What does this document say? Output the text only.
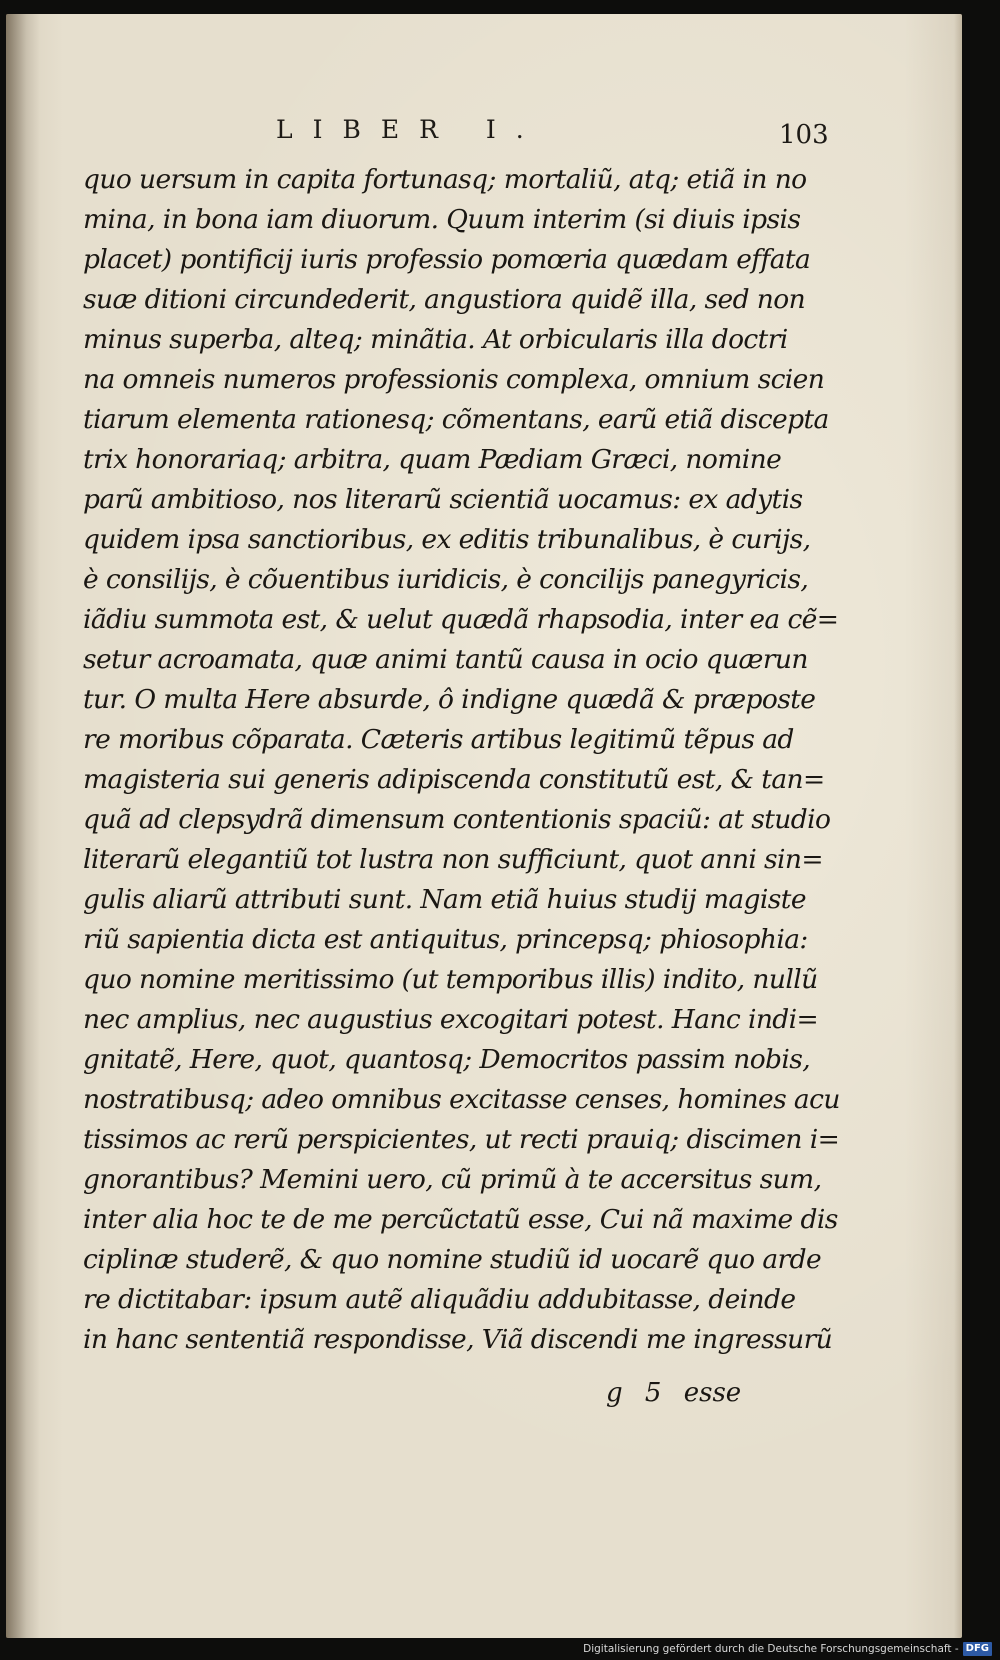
LIBER I.	103
quo uersum in capita fortunasq; mortaliũ, atq; etiã in no
mina, in bona iam diuorum. Quum interim (si diuis ipsis
placet) pontificij iuris professio pomœria quædam effata
suæ ditioni circundederit, angustiora quidẽ illa, sed non
minus superba, alteq; minãtia. At orbicularis illa doctri
na omneis numeros professionis complexa, omnium scien
tiarum elementa rationesq; cõmentans, earũ etiã discepta
trix honorariaq; arbitra, quam Pædiam Græci, nomine
parũ ambitioso, nos literarũ scientiã uocamus: ex adytis
quidem ipsa sanctioribus, ex editis tribunalibus, è curijs,
è consilijs, è cõuentibus iuridicis, è concilijs panegyricis,
iãdiu summota est, & uelut quædã rhapsodia, inter ea cẽ=
setur acroamata, quæ animi tantũ causa in ocio quærun
tur. O multa Here absurde, ô indigne quædã & præposte
re moribus cõparata. Cæteris artibus legitimũ tẽpus ad
magisteria sui generis adipiscenda constitutũ est, & tan=
quã ad clepsydrã dimensum contentionis spaciũ: at studio
literarũ elegantiũ tot lustra non sufficiunt, quot anni sin=
gulis aliarũ attributi sunt. Nam etiã huius studij magiste
riũ sapientia dicta est antiquitus, princepsq; phiosophia:
quo nomine meritissimo (ut temporibus illis) indito, nullũ
nec amplius, nec augustius excogitari potest. Hanc indi=
gnitatẽ, Here, quot, quantosq; Democritos passim nobis,
nostratibusq; adeo omnibus excitasse censes, homines acu
tissimos ac rerũ perspicientes, ut recti prauiq; discimen i=
gnorantibus? Memini uero, cũ primũ à te accersitus sum,
inter alia hoc te de me percũctatũ esse, Cui nã maxime dis
ciplinæ studerẽ, & quo nomine studiũ id uocarẽ quo arde
re dictitabar: ipsum autẽ aliquãdiu addubitasse, deinde
in hanc sententiã respondisse, Viã discendi me ingressurũ
g 5 esse
Digitalisierung gefördert durch die Deutsche Forschungsgemeinschaft - DFG
